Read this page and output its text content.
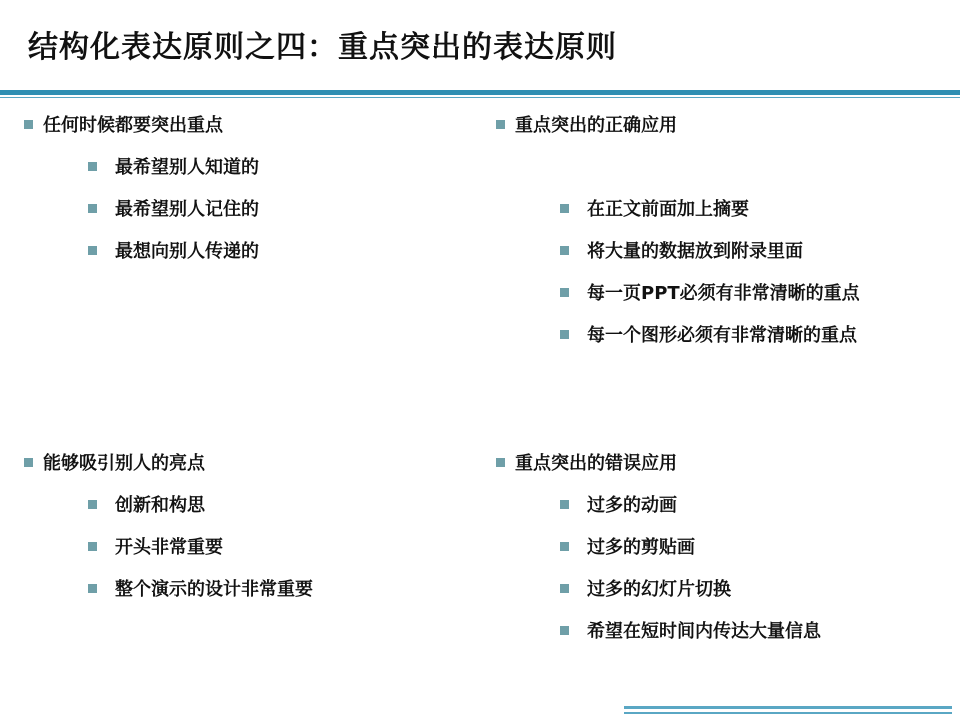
结构化表达原则之四：重点突出的表达原则
任何时候都要突出重点
最希望别人知道的
最希望别人记住的
最想向别人传递的
重点突出的正确应用
在正文前面加上摘要
将大量的数据放到附录里面
每一页PPT必须有非常清晰的重点
每一个图形必须有非常清晰的重点
能够吸引别人的亮点
创新和构思
开头非常重要
整个演示的设计非常重要
重点突出的错误应用
过多的动画
过多的剪贴画
过多的幻灯片切换
希望在短时间内传达大量信息
